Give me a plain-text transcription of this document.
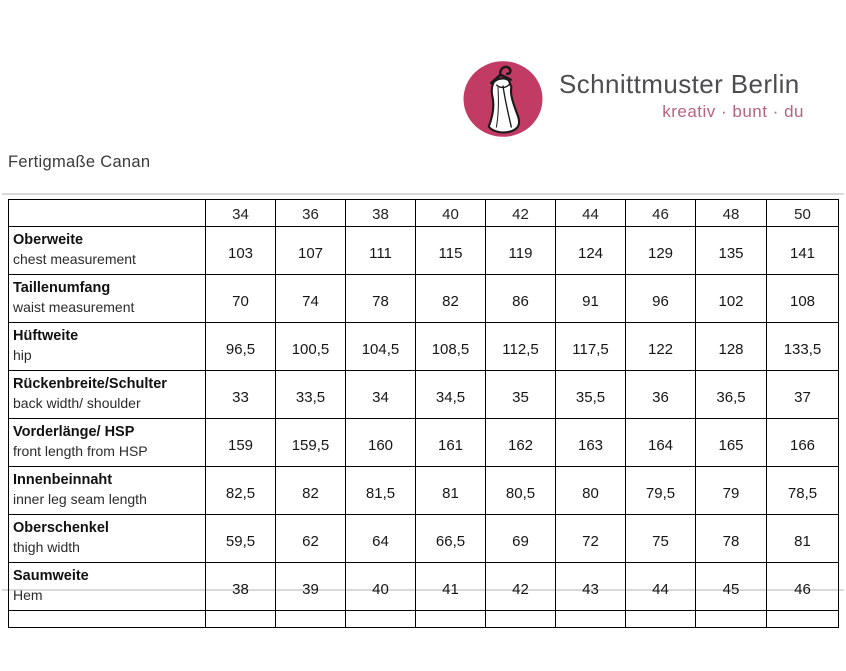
Schnittmuster Berlin
kreativ · bunt · du
Fertigmaße Canan
	34	36	38	40	42	44	46	48	50

Oberweite
chest measurement	103	107	111	115	119	124	129	135	141

Taillenumfang
waist measurement	70	74	78	82	86	91	96	102	108

Hüftweite
hip	96,5	100,5	104,5	108,5	112,5	117,5	122	128	133,5

Rückenbreite/Schulter
back width/ shoulder	33	33,5	34	34,5	35	35,5	36	36,5	37

Vorderlänge/ HSP
front length from HSP	159	159,5	160	161	162	163	164	165	166

Innenbeinnaht
inner leg seam length	82,5	82	81,5	81	80,5	80	79,5	79	78,5

Oberschenkel
thigh width	59,5	62	64	66,5	69	72	75	78	81

Saumweite
Hem	38	39	40	41	42	43	44	45	46
